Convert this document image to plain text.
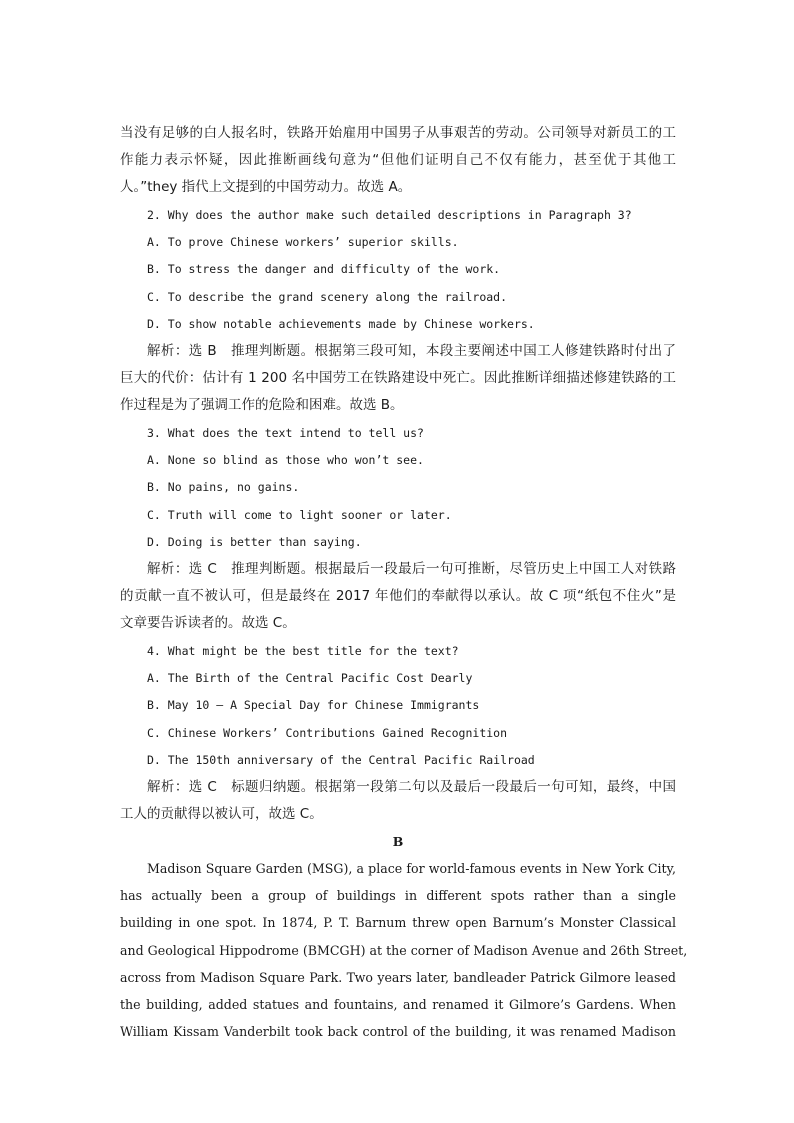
当没有足够的白人报名时，铁路开始雇用中国男子从事艰苦的劳动。公司领导对新员工的工

作能力表示怀疑，因此推断画线句意为“但他们证明自己不仅有能力，甚至优于其他工

人。”they 指代上文提到的中国劳动力。故选 A。

2. Why does the author make such detailed descriptions in Paragraph 3?

A. To prove Chinese workers’ superior skills.

B. To stress the danger and difficulty of the work.

C. To describe the grand scenery along the railroad.

D. To show notable achievements made by Chinese workers.

解析：选 B　推理判断题。根据第三段可知，本段主要阐述中国工人修建铁路时付出了

巨大的代价：估计有 1 200 名中国劳工在铁路建设中死亡。因此推断详细描述修建铁路的工

作过程是为了强调工作的危险和困难。故选 B。

3. What does the text intend to tell us?

A. None so blind as those who won’t see.

B. No pains, no gains.

C. Truth will come to light sooner or later.

D. Doing is better than saying.

解析：选 C　推理判断题。根据最后一段最后一句可推断，尽管历史上中国工人对铁路

的贡献一直不被认可，但是最终在 2017 年他们的奉献得以承认。故 C 项“纸包不住火”是

文章要告诉读者的。故选 C。

4. What might be the best title for the text?

A. The Birth of the Central Pacific Cost Dearly

B. May 10 — A Special Day for Chinese Immigrants

C. Chinese Workers’ Contributions Gained Recognition

D. The 150th anniversary of the Central Pacific Railroad

解析：选 C　标题归纳题。根据第一段第二句以及最后一段最后一句可知，最终，中国

工人的贡献得以被认可，故选 C。

B

Madison Square Garden (MSG), a place for world-famous events in New York City,

has actually been a group of buildings in different spots rather than a single

building in one spot. In 1874, P. T. Barnum threw open Barnum’s Monster Classical

and Geological Hippodrome (BMCGH) at the corner of Madison Avenue and 26th Street,

across from Madison Square Park. Two years later, bandleader Patrick Gilmore leased

the building, added statues and fountains, and renamed it Gilmore’s Gardens. When

William Kissam Vanderbilt took back control of the building, it was renamed Madison
